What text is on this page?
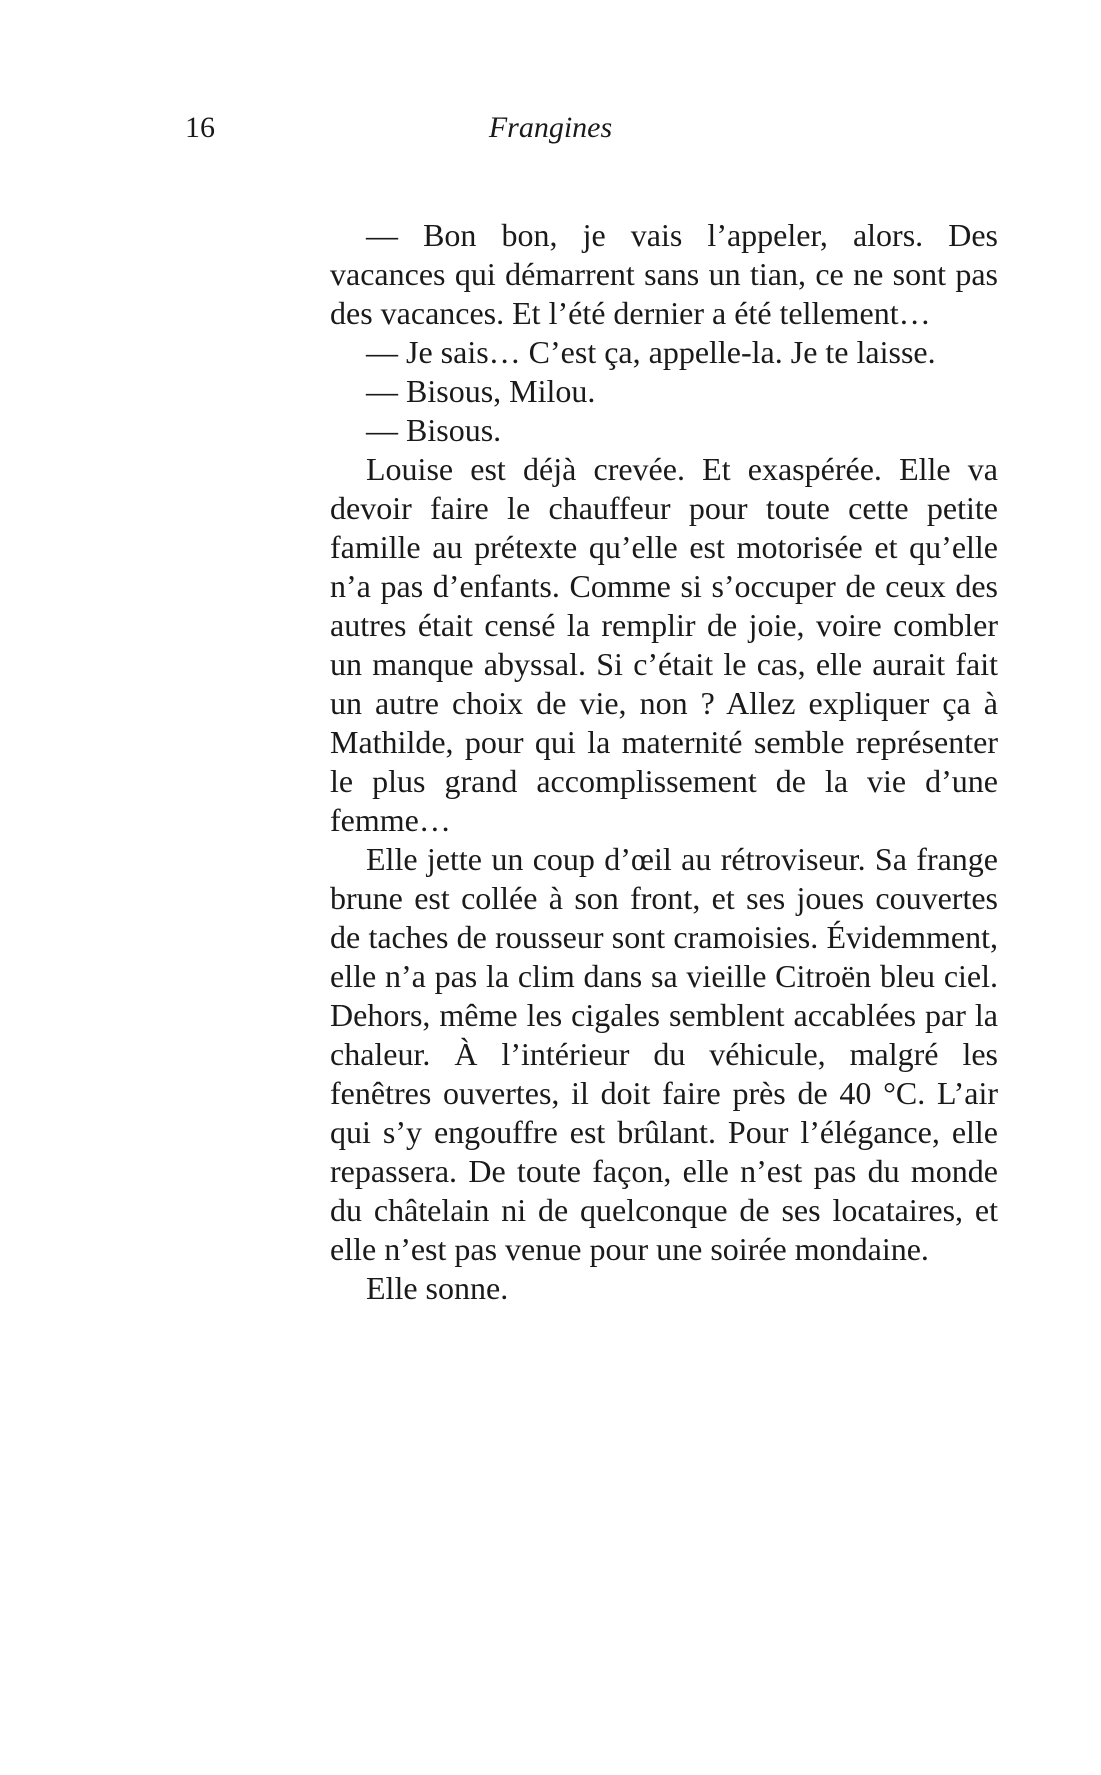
16	Frangines

— Bon bon, je vais l’appeler, alors. Des vacances qui démarrent sans un tian, ce ne sont pas des vacances. Et l’été dernier a été tellement…

— Je sais… C’est ça, appelle-la. Je te laisse.

— Bisous, Milou.

— Bisous.

Louise est déjà crevée. Et exaspérée. Elle va devoir faire le chauffeur pour toute cette petite famille au prétexte qu’elle est motorisée et qu’elle n’a pas d’enfants. Comme si s’occuper de ceux des autres était censé la remplir de joie, voire combler un manque abyssal. Si c’était le cas, elle aurait fait un autre choix de vie, non ? Allez expliquer ça à Mathilde, pour qui la maternité semble représenter le plus grand accomplissement de la vie d’une femme…

Elle jette un coup d’œil au rétroviseur. Sa frange brune est collée à son front, et ses joues couvertes de taches de rousseur sont cramoisies. Évidemment, elle n’a pas la clim dans sa vieille Citroën bleu ciel. Dehors, même les cigales semblent accablées par la chaleur. À l’intérieur du véhicule, malgré les fenêtres ouvertes, il doit faire près de 40 °C. L’air qui s’y engouffre est brûlant. Pour l’élégance, elle repassera. De toute façon, elle n’est pas du monde du châtelain ni de quelconque de ses locataires, et elle n’est pas venue pour une soirée mondaine.

Elle sonne.
